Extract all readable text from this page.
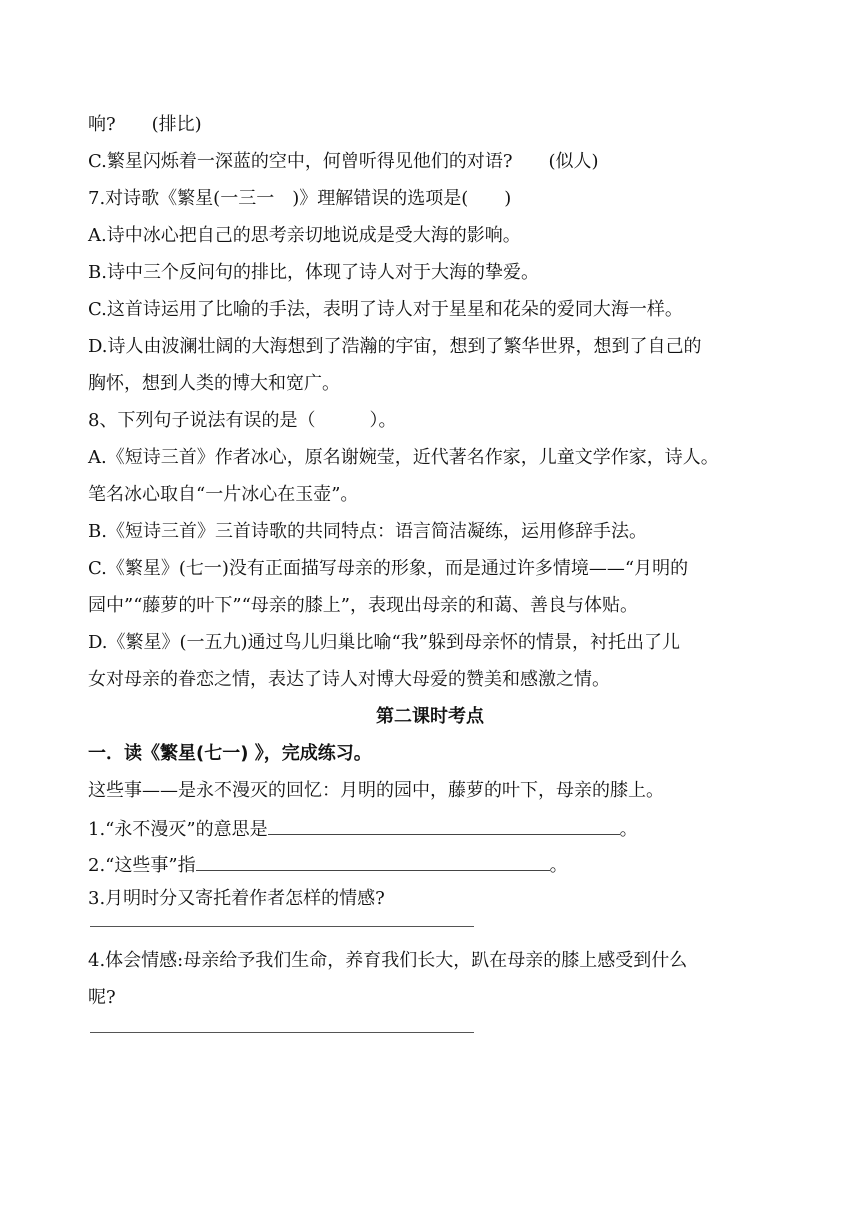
响?　　(排比)
C.繁星闪烁着一深蓝的空中，何曾听得见他们的对语?　　(似人)
7.对诗歌《繁星(一三一　)》理解错误的选项是(　　)
A.诗中冰心把自己的思考亲切地说成是受大海的影响。
B.诗中三个反问句的排比，体现了诗人对于大海的挚爱。
C.这首诗运用了比喻的手法，表明了诗人对于星星和花朵的爱同大海一样。
D.诗人由波澜壮阔的大海想到了浩瀚的宇宙，想到了繁华世界，想到了自己的
胸怀，想到人类的博大和宽广。
8、下列句子说法有误的是（　　　）。
A.《短诗三首》作者冰心，原名谢婉莹，近代著名作家，儿童文学作家，诗人。
笔名冰心取自“一片冰心在玉壶”。
B.《短诗三首》三首诗歌的共同特点：语言简洁凝练，运用修辞手法。
C.《繁星》(七一)没有正面描写母亲的形象，而是通过许多情境——“月明的
园中”“藤萝的叶下”“母亲的膝上”，表现出母亲的和蔼、善良与体贴。
D.《繁星》(一五九)通过鸟儿归巢比喻“我”躲到母亲怀的情景，衬托出了儿
女对母亲的眷恋之情，表达了诗人对博大母爱的赞美和感激之情。
第二课时考点
一．读《繁星(七一) 》，完成练习。
这些事——是永不漫灭的回忆：月明的园中，藤萝的叶下，母亲的膝上。
1.“永不漫灭”的意思是	。
2.“这些事”指	。
3.月明时分又寄托着作者怎样的情感?
4.体会情感:母亲给予我们生命，养育我们长大，趴在母亲的膝上感受到什么
呢?
